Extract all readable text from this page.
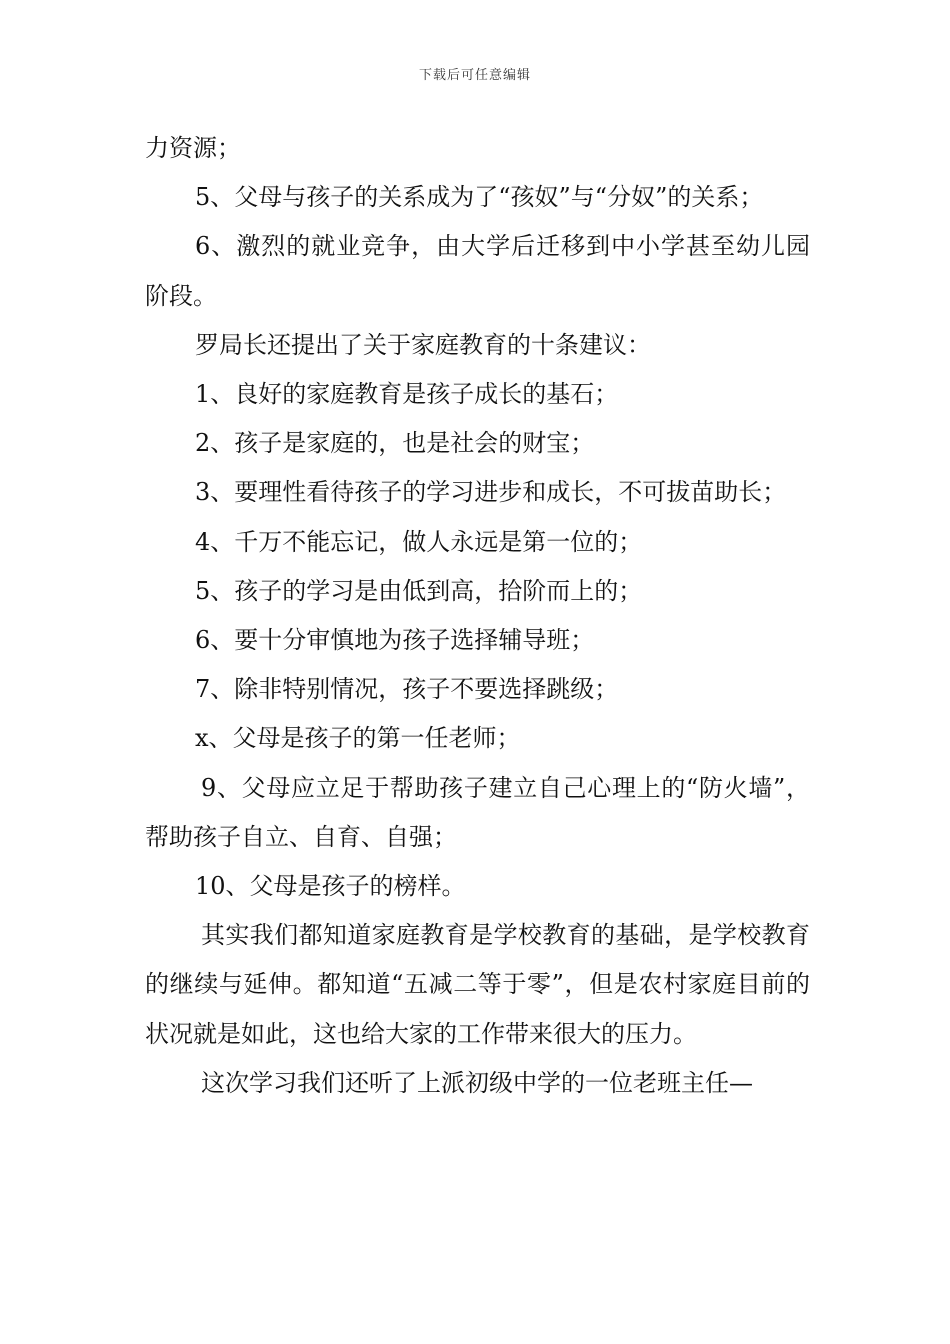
下载后可任意编辑

力资源；

5、父母与孩子的关系成为了“孩奴”与“分奴”的关系；

6、激烈的就业竞争，由大学后迁移到中小学甚至幼儿园阶段。

罗局长还提出了关于家庭教育的十条建议：

1、良好的家庭教育是孩子成长的基石；

2、孩子是家庭的，也是社会的财宝；

3、要理性看待孩子的学习进步和成长，不可拔苗助长；

4、千万不能忘记，做人永远是第一位的；

5、孩子的学习是由低到高，拾阶而上的；

6、要十分审慎地为孩子选择辅导班；

7、除非特别情况，孩子不要选择跳级；

x、父母是孩子的第一任老师；

9、父母应立足于帮助孩子建立自己心理上的“防火墙”，帮助孩子自立、自育、自强；

10、父母是孩子的榜样。

其实我们都知道家庭教育是学校教育的基础，是学校教育的继续与延伸。都知道“五减二等于零”，但是农村家庭目前的状况就是如此，这也给大家的工作带来很大的压力。

这次学习我们还听了上派初级中学的一位老班主任—
